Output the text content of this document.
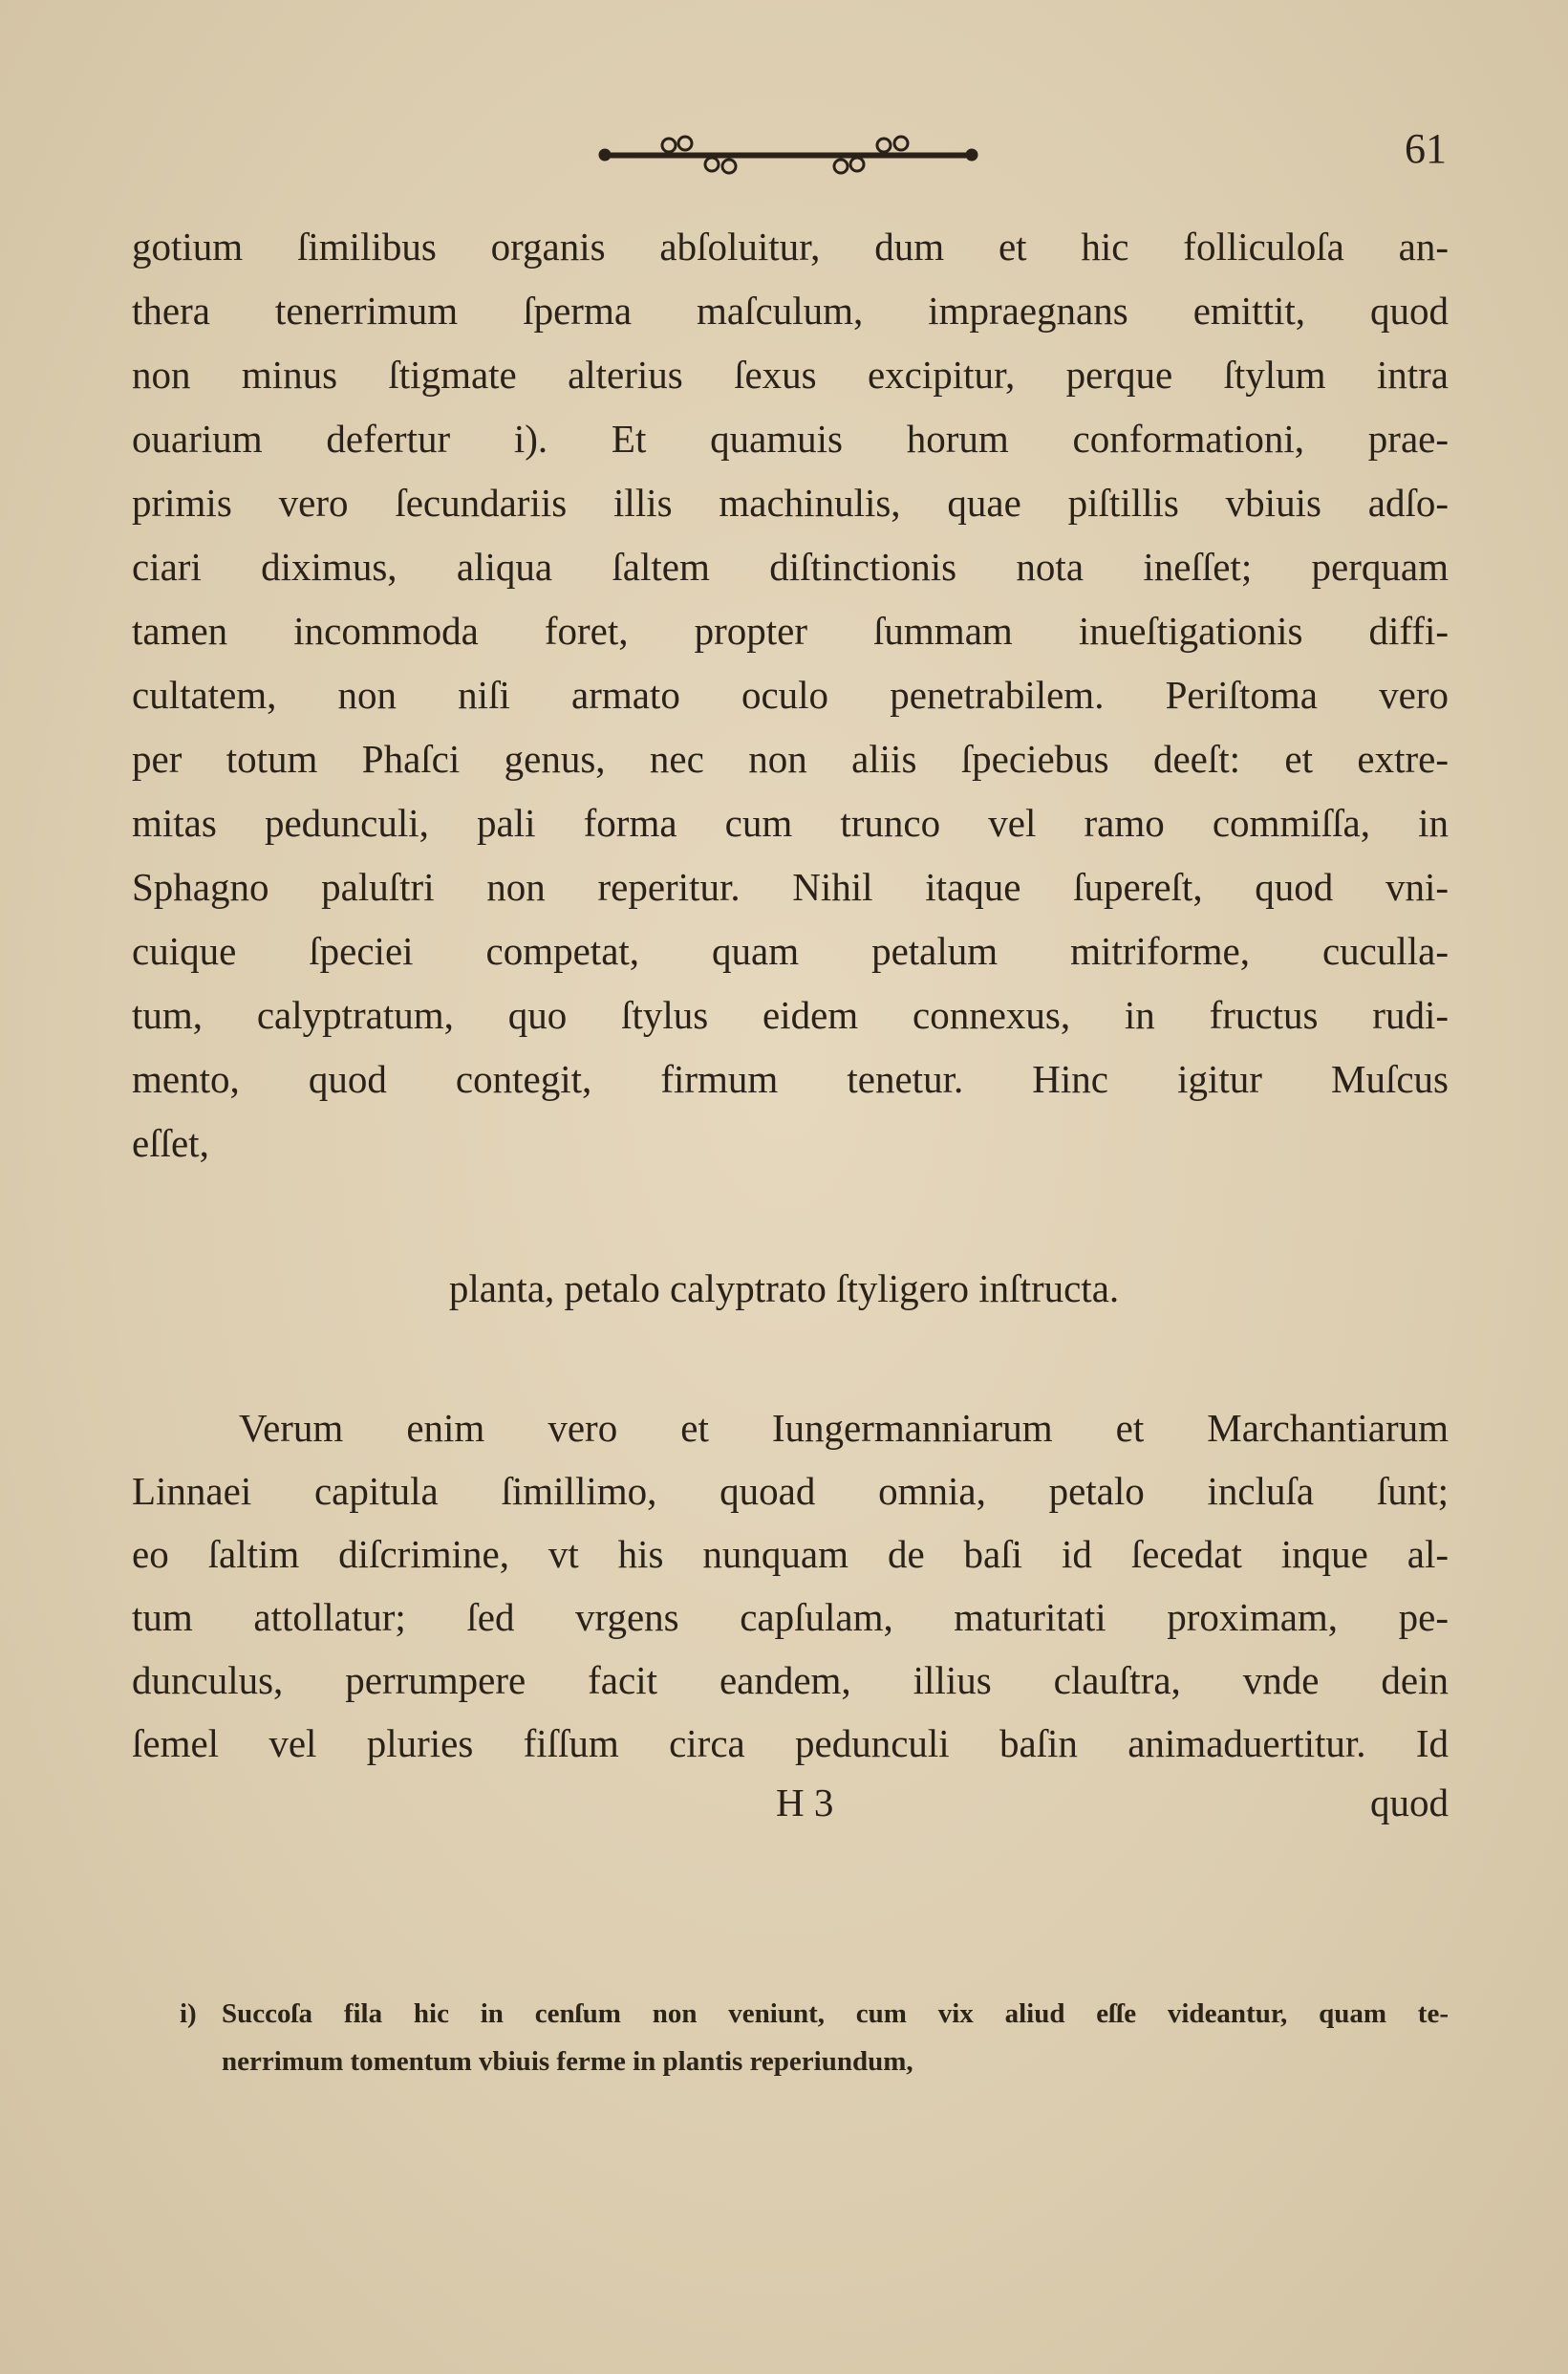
61
gotium ſimilibus organis abſoluitur, dum et hic folliculoſa an-
thera tenerrimum ſperma maſculum, impraegnans emittit, quod
non minus ſtigmate alterius ſexus excipitur, perque ſtylum intra
ouarium defertur i). Et quamuis horum conformationi, prae-
primis vero ſecundariis illis machinulis, quae piſtillis vbiuis adſo-
ciari diximus, aliqua ſaltem diſtinctionis nota ineſſet; perquam
tamen incommoda foret, propter ſummam inueſtigationis diffi-
cultatem, non niſi armato oculo penetrabilem. Periſtoma vero
per totum Phaſci genus, nec non aliis ſpeciebus deeſt: et extre-
mitas pedunculi, pali forma cum trunco vel ramo commiſſa, in
Sphagno paluſtri non reperitur. Nihil itaque ſupereſt, quod vni-
cuique ſpeciei competat, quam petalum mitriforme, cuculla-
tum, calyptratum, quo ſtylus eidem connexus, in fructus rudi-
mento, quod contegit, firmum tenetur. Hinc igitur Muſcus
eſſet,
planta, petalo calyptrato ſtyligero inſtructa.
Verum enim vero et Iungermanniarum et Marchantiarum
Linnaei capitula ſimillimo, quoad omnia, petalo incluſa ſunt;
eo ſaltim diſcrimine, vt his nunquam de baſi id ſecedat inque al-
tum attollatur; ſed vrgens capſulam, maturitati proximam, pe-
dunculus, perrumpere facit eandem, illius clauſtra, vnde dein
ſemel vel pluries fiſſum circa pedunculi baſin animaduertitur. Id
H 3	quod
i) Succoſa fila hic in cenſum non veniunt, cum vix aliud eſſe videantur, quam te-
nerrimum tomentum vbiuis ferme in plantis reperiundum,
